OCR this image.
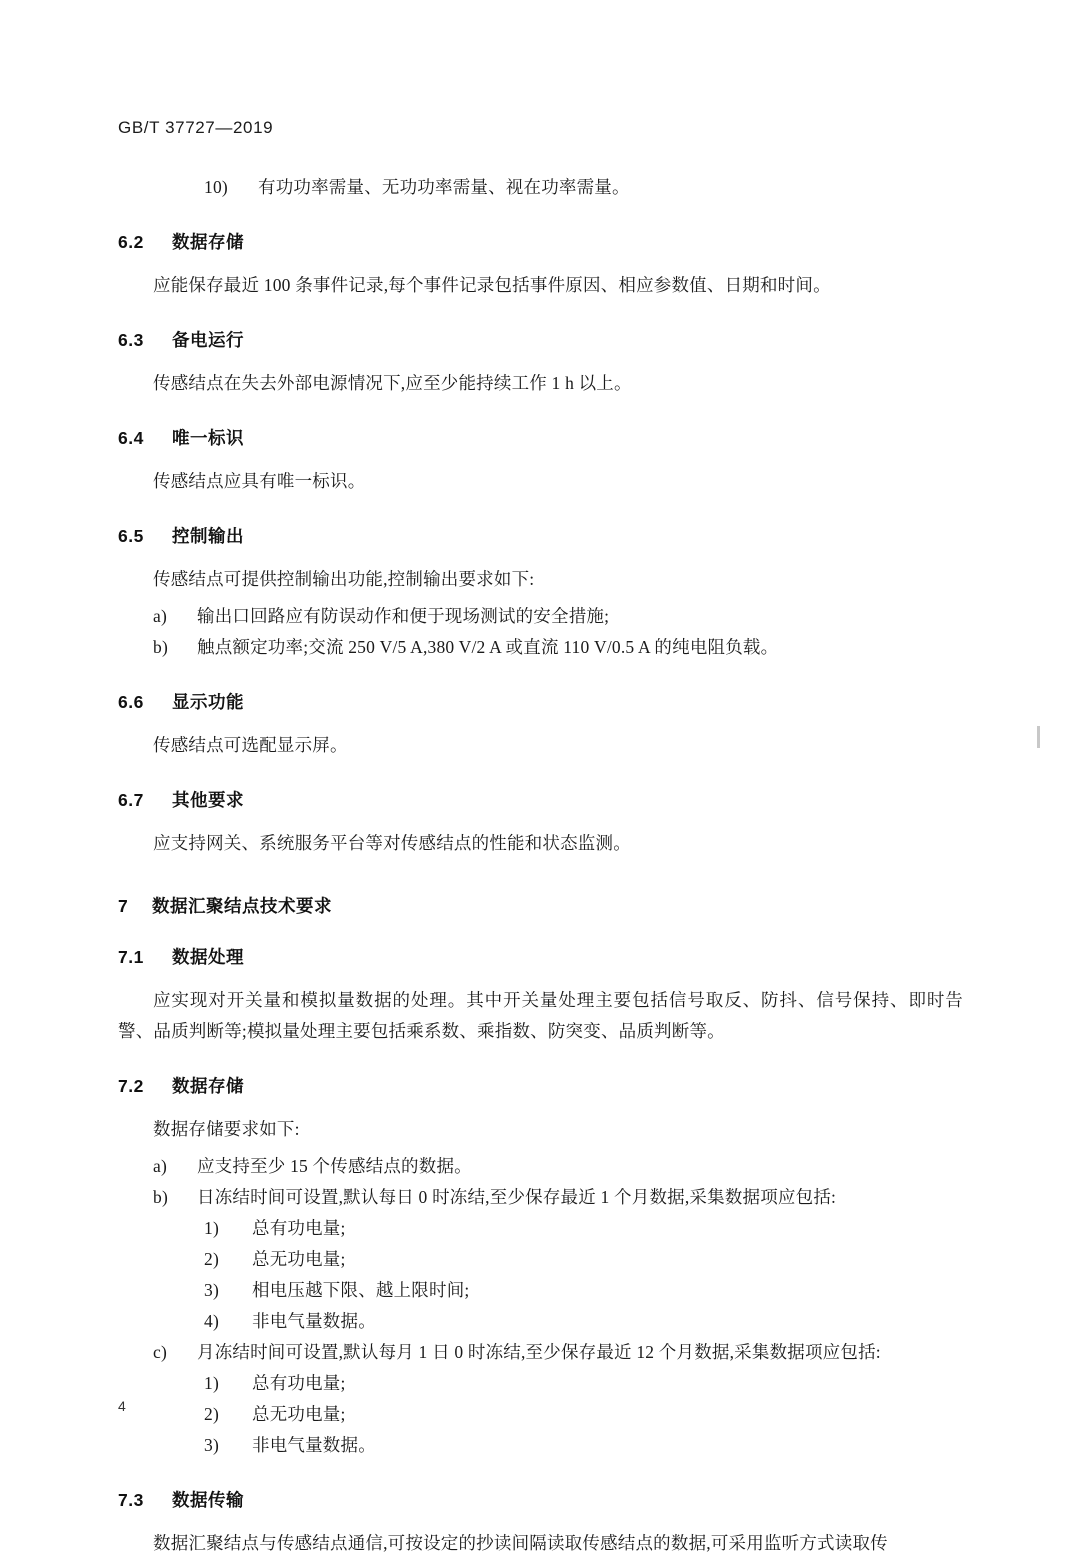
GB/T 37727—2019
10)	有功功率需量、无功功率需量、视在功率需量。
6.2 数据存储

应能保存最近 100 条事件记录,每个事件记录包括事件原因、相应参数值、日期和时间。

6.3 备电运行

传感结点在失去外部电源情况下,应至少能持续工作 1 h 以上。

6.4 唯一标识

传感结点应具有唯一标识。

6.5 控制输出

传感结点可提供控制输出功能,控制输出要求如下:

a)	输出口回路应有防误动作和便于现场测试的安全措施;
b)	触点额定功率;交流 250 V/5 A,380 V/2 A 或直流 110 V/0.5 A 的纯电阻负载。
6.6 显示功能

传感结点可选配显示屏。

6.7 其他要求

应支持网关、系统服务平台等对传感结点的性能和状态监测。

7 数据汇聚结点技术要求
7.1 数据处理

应实现对开关量和模拟量数据的处理。其中开关量处理主要包括信号取反、防抖、信号保持、即时告警、品质判断等;模拟量处理主要包括乘系数、乘指数、防突变、品质判断等。

7.2 数据存储

数据存储要求如下:

a)	应支持至少 15 个传感结点的数据。
b)	日冻结时间可设置,默认每日 0 时冻结,至少保存最近 1 个月数据,采集数据项应包括:
1)	总有功电量;
2)	总无功电量;
3)	相电压越下限、越上限时间;
4)	非电气量数据。
c)	月冻结时间可设置,默认每月 1 日 0 时冻结,至少保存最近 12 个月数据,采集数据项应包括:
1)	总有功电量;
2)	总无功电量;
3)	非电气量数据。
7.3 数据传输

数据汇聚结点与传感结点通信,可按设定的抄读间隔读取传感结点的数据,可采用监听方式读取传

4
